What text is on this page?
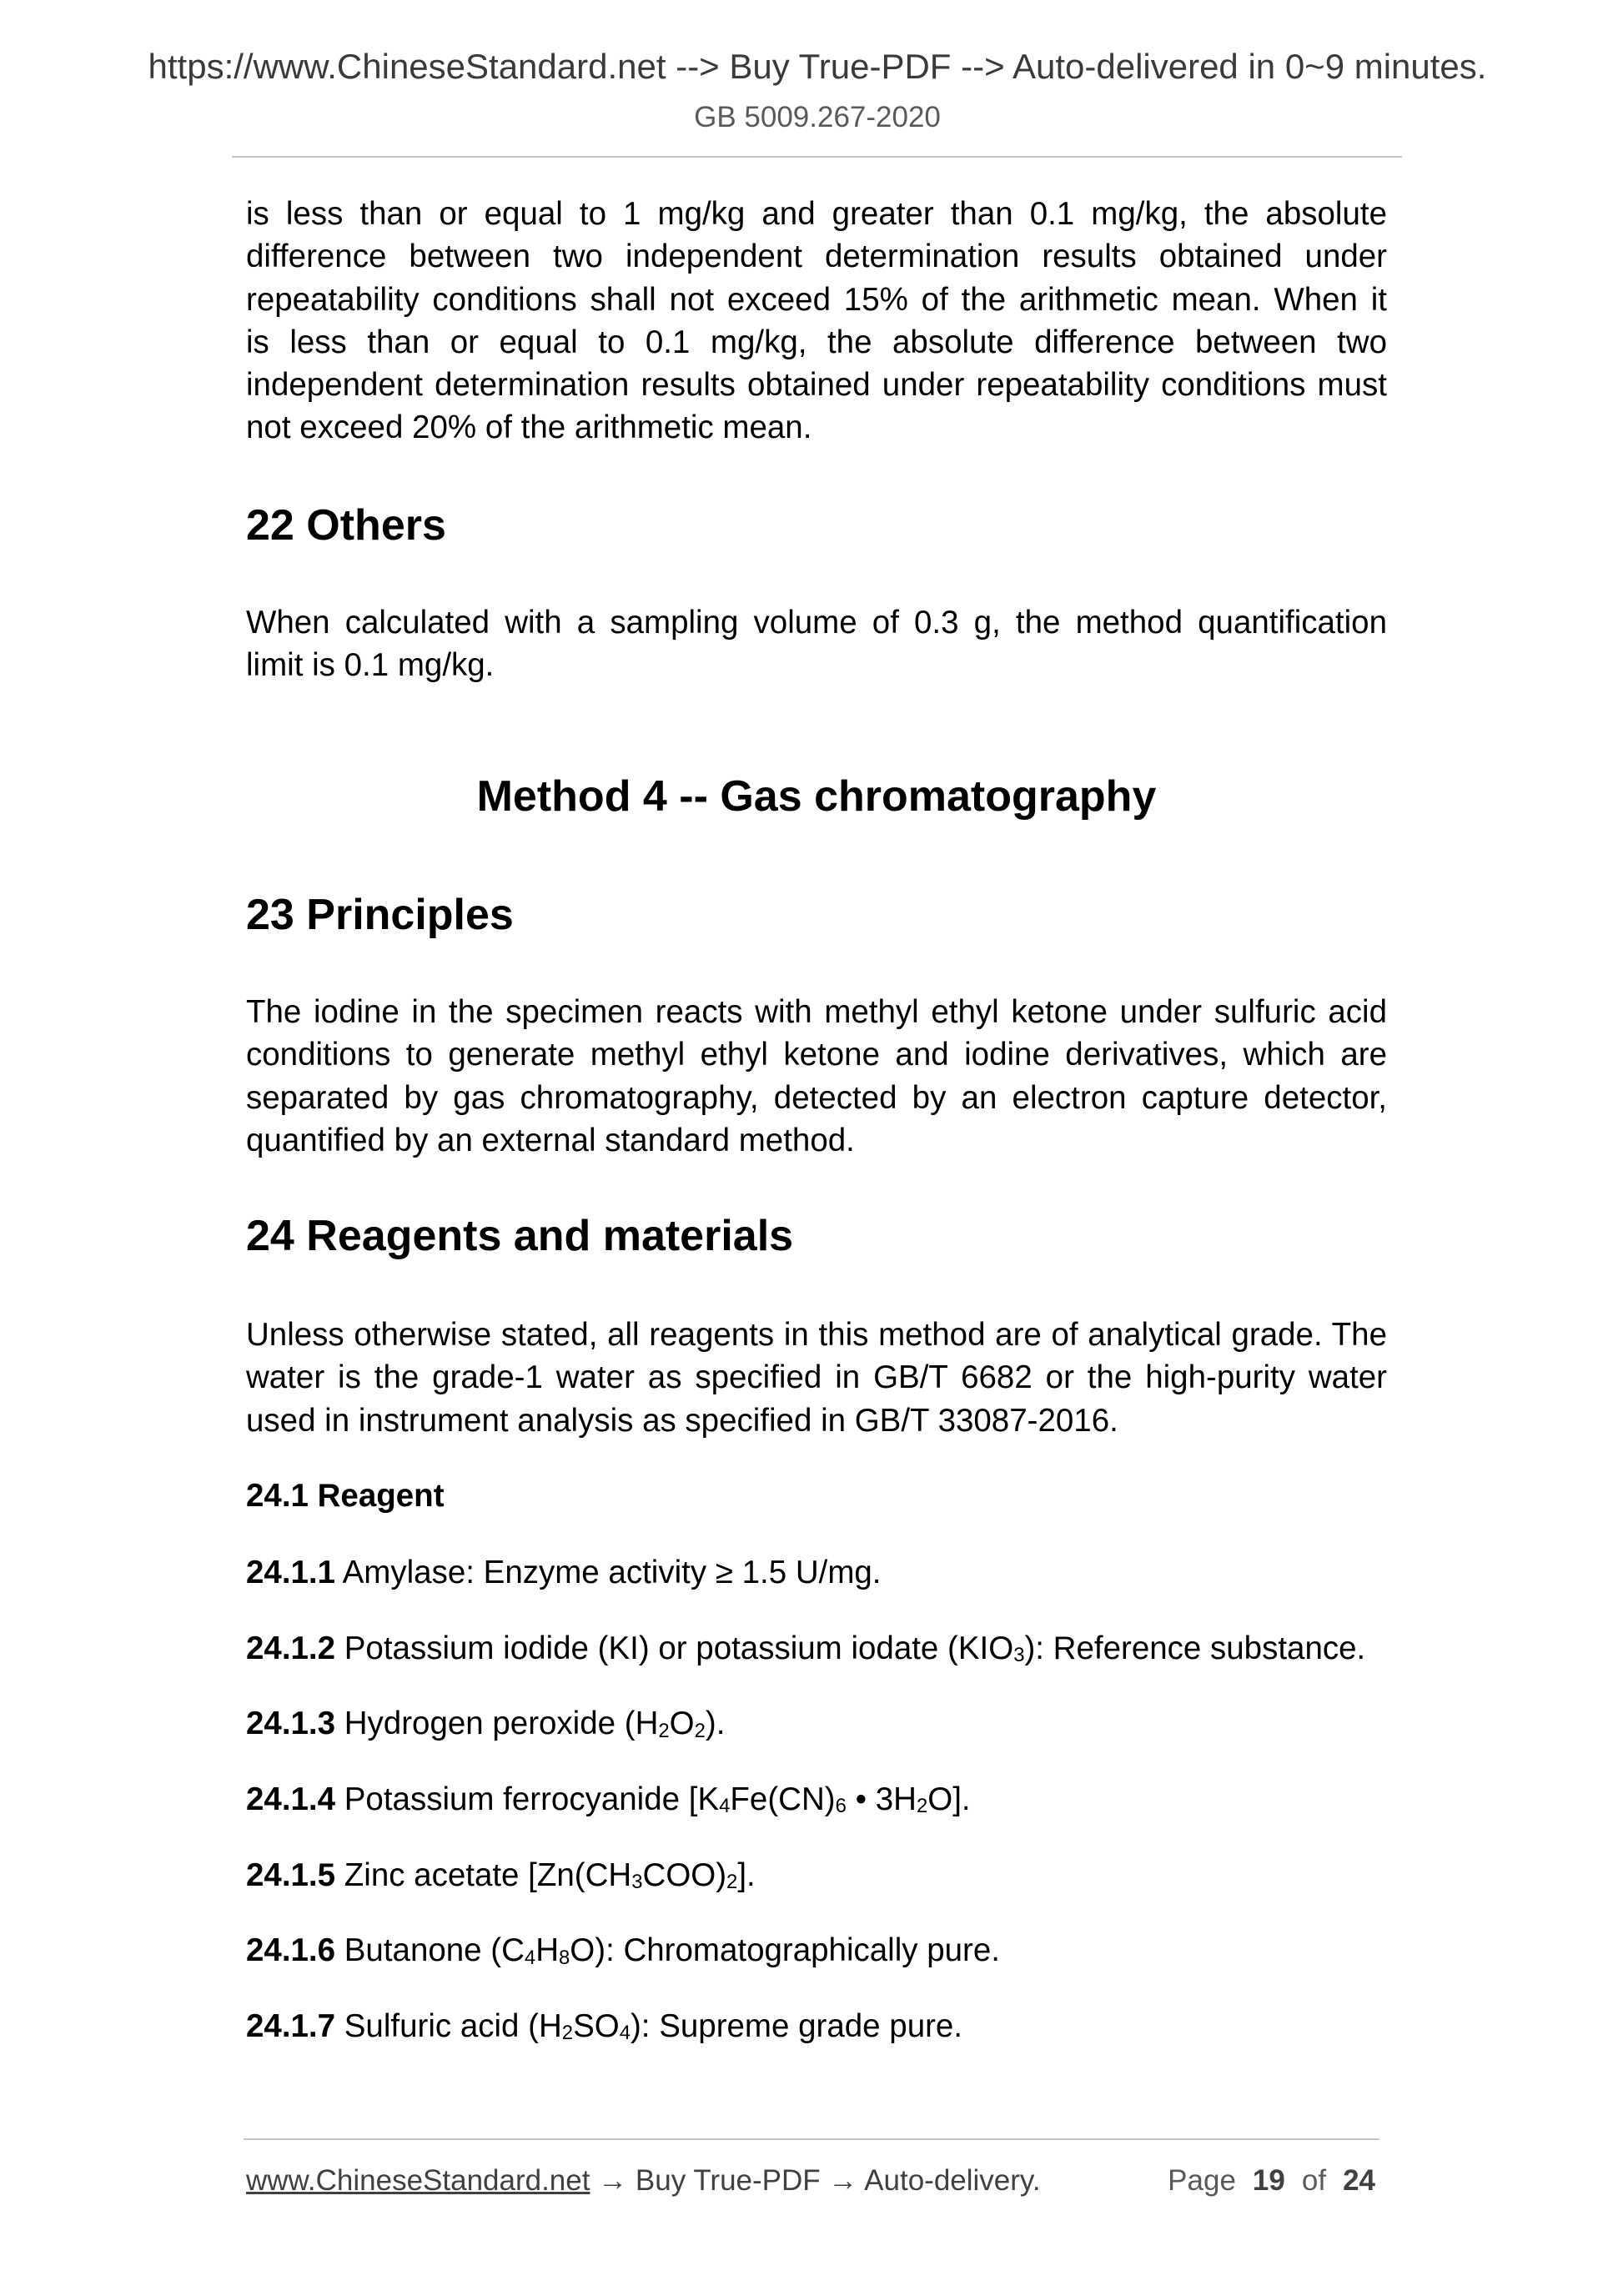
https://www.ChineseStandard.net --> Buy True-PDF --> Auto-delivered in 0~9 minutes.
GB 5009.267-2020
is less than or equal to 1 mg/kg and greater than 0.1 mg/kg, the absolute
difference between two independent determination results obtained under
repeatability conditions shall not exceed 15% of the arithmetic mean. When it
is less than or equal to 0.1 mg/kg, the absolute difference between two
independent determination results obtained under repeatability conditions must
not exceed 20% of the arithmetic mean.
22 Others
When calculated with a sampling volume of 0.3 g, the method quantification
limit is 0.1 mg/kg.
Method 4 -- Gas chromatography
23 Principles
The iodine in the specimen reacts with methyl ethyl ketone under sulfuric acid
conditions to generate methyl ethyl ketone and iodine derivatives, which are
separated by gas chromatography, detected by an electron capture detector,
quantified by an external standard method.
24 Reagents and materials
Unless otherwise stated, all reagents in this method are of analytical grade. The
water is the grade-1 water as specified in GB/T 6682 or the high-purity water
used in instrument analysis as specified in GB/T 33087-2016.
24.1 Reagent
24.1.1 Amylase: Enzyme activity ≥ 1.5 U/mg.
24.1.2 Potassium iodide (KI) or potassium iodate (KIO3): Reference substance.
24.1.3 Hydrogen peroxide (H2O2).
24.1.4 Potassium ferrocyanide [K4Fe(CN)6 • 3H2O].
24.1.5 Zinc acetate [Zn(CH3COO)2].
24.1.6 Butanone (C4H8O): Chromatographically pure.
24.1.7 Sulfuric acid (H2SO4): Supreme grade pure.
www.ChineseStandard.net → Buy True-PDF → Auto-delivery.	Page 19 of 24
